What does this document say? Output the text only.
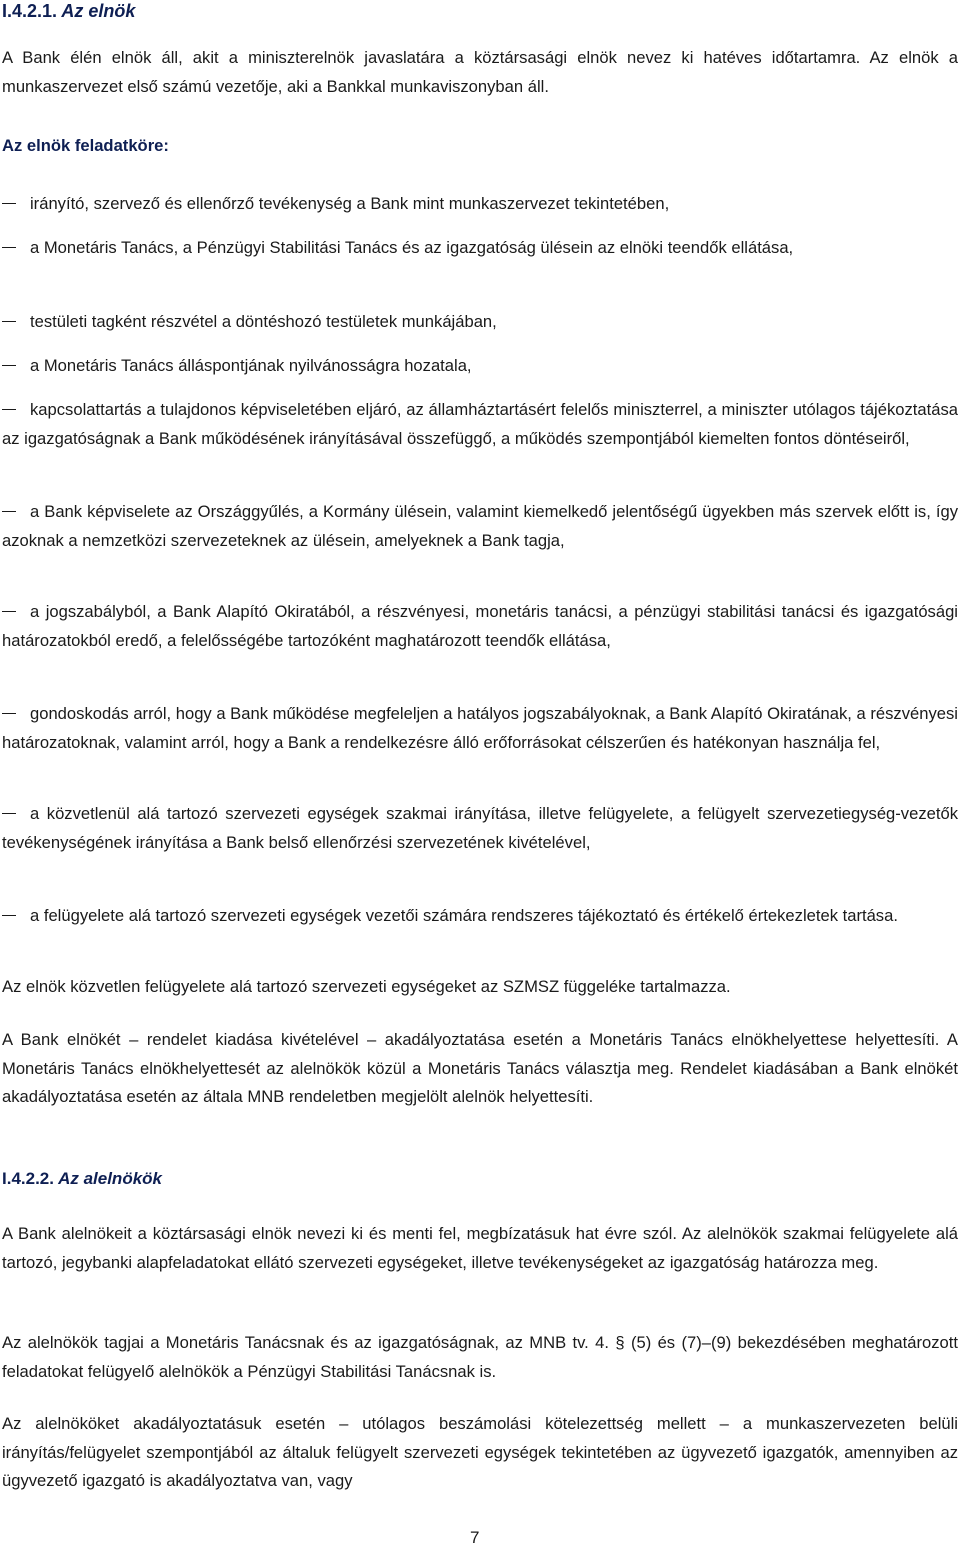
I.4.2.1. Az elnök

A Bank élén elnök áll, akit a miniszterelnök javaslatára a köztársasági elnök nevez ki hatéves időtartamra. Az elnök a munkaszervezet első számú vezetője, aki a Bankkal munkaviszonyban áll.

Az elnök feladatköre:

irányító, szervező és ellenőrző tevékenység a Bank mint munkaszervezet tekintetében,

a Monetáris Tanács, a Pénzügyi Stabilitási Tanács és az igazgatóság ülésein az elnöki teendők ellátása,

testületi tagként részvétel a döntéshozó testületek munkájában,

a Monetáris Tanács álláspontjának nyilvánosságra hozatala,

kapcsolattartás a tulajdonos képviseletében eljáró, az államháztartásért felelős miniszterrel, a miniszter utólagos tájékoztatása az igazgatóságnak a Bank működésének irányításával összefüggő, a működés szempontjából kiemelten fontos döntéseiről,

a Bank képviselete az Országgyűlés, a Kormány ülésein, valamint kiemelkedő jelentőségű ügyekben más szervek előtt is, így azoknak a nemzetközi szervezeteknek az ülésein, amelyeknek a Bank tagja,

a jogszabályból, a Bank Alapító Okiratából, a részvényesi, monetáris tanácsi, a pénzügyi stabilitási tanácsi és igazgatósági határozatokból eredő, a felelősségébe tartozóként maghatározott teendők ellátása,

gondoskodás arról, hogy a Bank működése megfeleljen a hatályos jogszabályoknak, a Bank Alapító Okiratának, a részvényesi határozatoknak, valamint arról, hogy a Bank a rendelkezésre álló erőforrásokat célszerűen és hatékonyan használja fel,

a közvetlenül alá tartozó szervezeti egységek szakmai irányítása, illetve felügyelete, a felügyelt szervezetiegység-vezetők tevékenységének irányítása a Bank belső ellenőrzési szervezetének kivételével,

a felügyelete alá tartozó szervezeti egységek vezetői számára rendszeres tájékoztató és értékelő értekezletek tartása.

Az elnök közvetlen felügyelete alá tartozó szervezeti egységeket az SZMSZ függeléke tartalmazza.

A Bank elnökét – rendelet kiadása kivételével – akadályoztatása esetén a Monetáris Tanács elnökhelyettese helyettesíti. A Monetáris Tanács elnökhelyettesét az alelnökök közül a Monetáris Tanács választja meg. Rendelet kiadásában a Bank elnökét akadályoztatása esetén az általa MNB rendeletben megjelölt alelnök helyettesíti.

I.4.2.2. Az alelnökök

A Bank alelnökeit a köztársasági elnök nevezi ki és menti fel, megbízatásuk hat évre szól. Az alelnökök szakmai felügyelete alá tartozó, jegybanki alapfeladatokat ellátó szervezeti egységeket, illetve tevékenységeket az igazgatóság határozza meg.

Az alelnökök tagjai a Monetáris Tanácsnak és az igazgatóságnak, az MNB tv. 4. § (5) és (7)–(9) bekezdésében meghatározott feladatokat felügyelő alelnökök a Pénzügyi Stabilitási Tanácsnak is.

Az alelnököket akadályoztatásuk esetén – utólagos beszámolási kötelezettség mellett – a munkaszervezeten belüli irányítás/felügyelet szempontjából az általuk felügyelt szervezeti egységek tekintetében az ügyvezető igazgatók, amennyiben az ügyvezető igazgató is akadályoztatva van, vagy

7
